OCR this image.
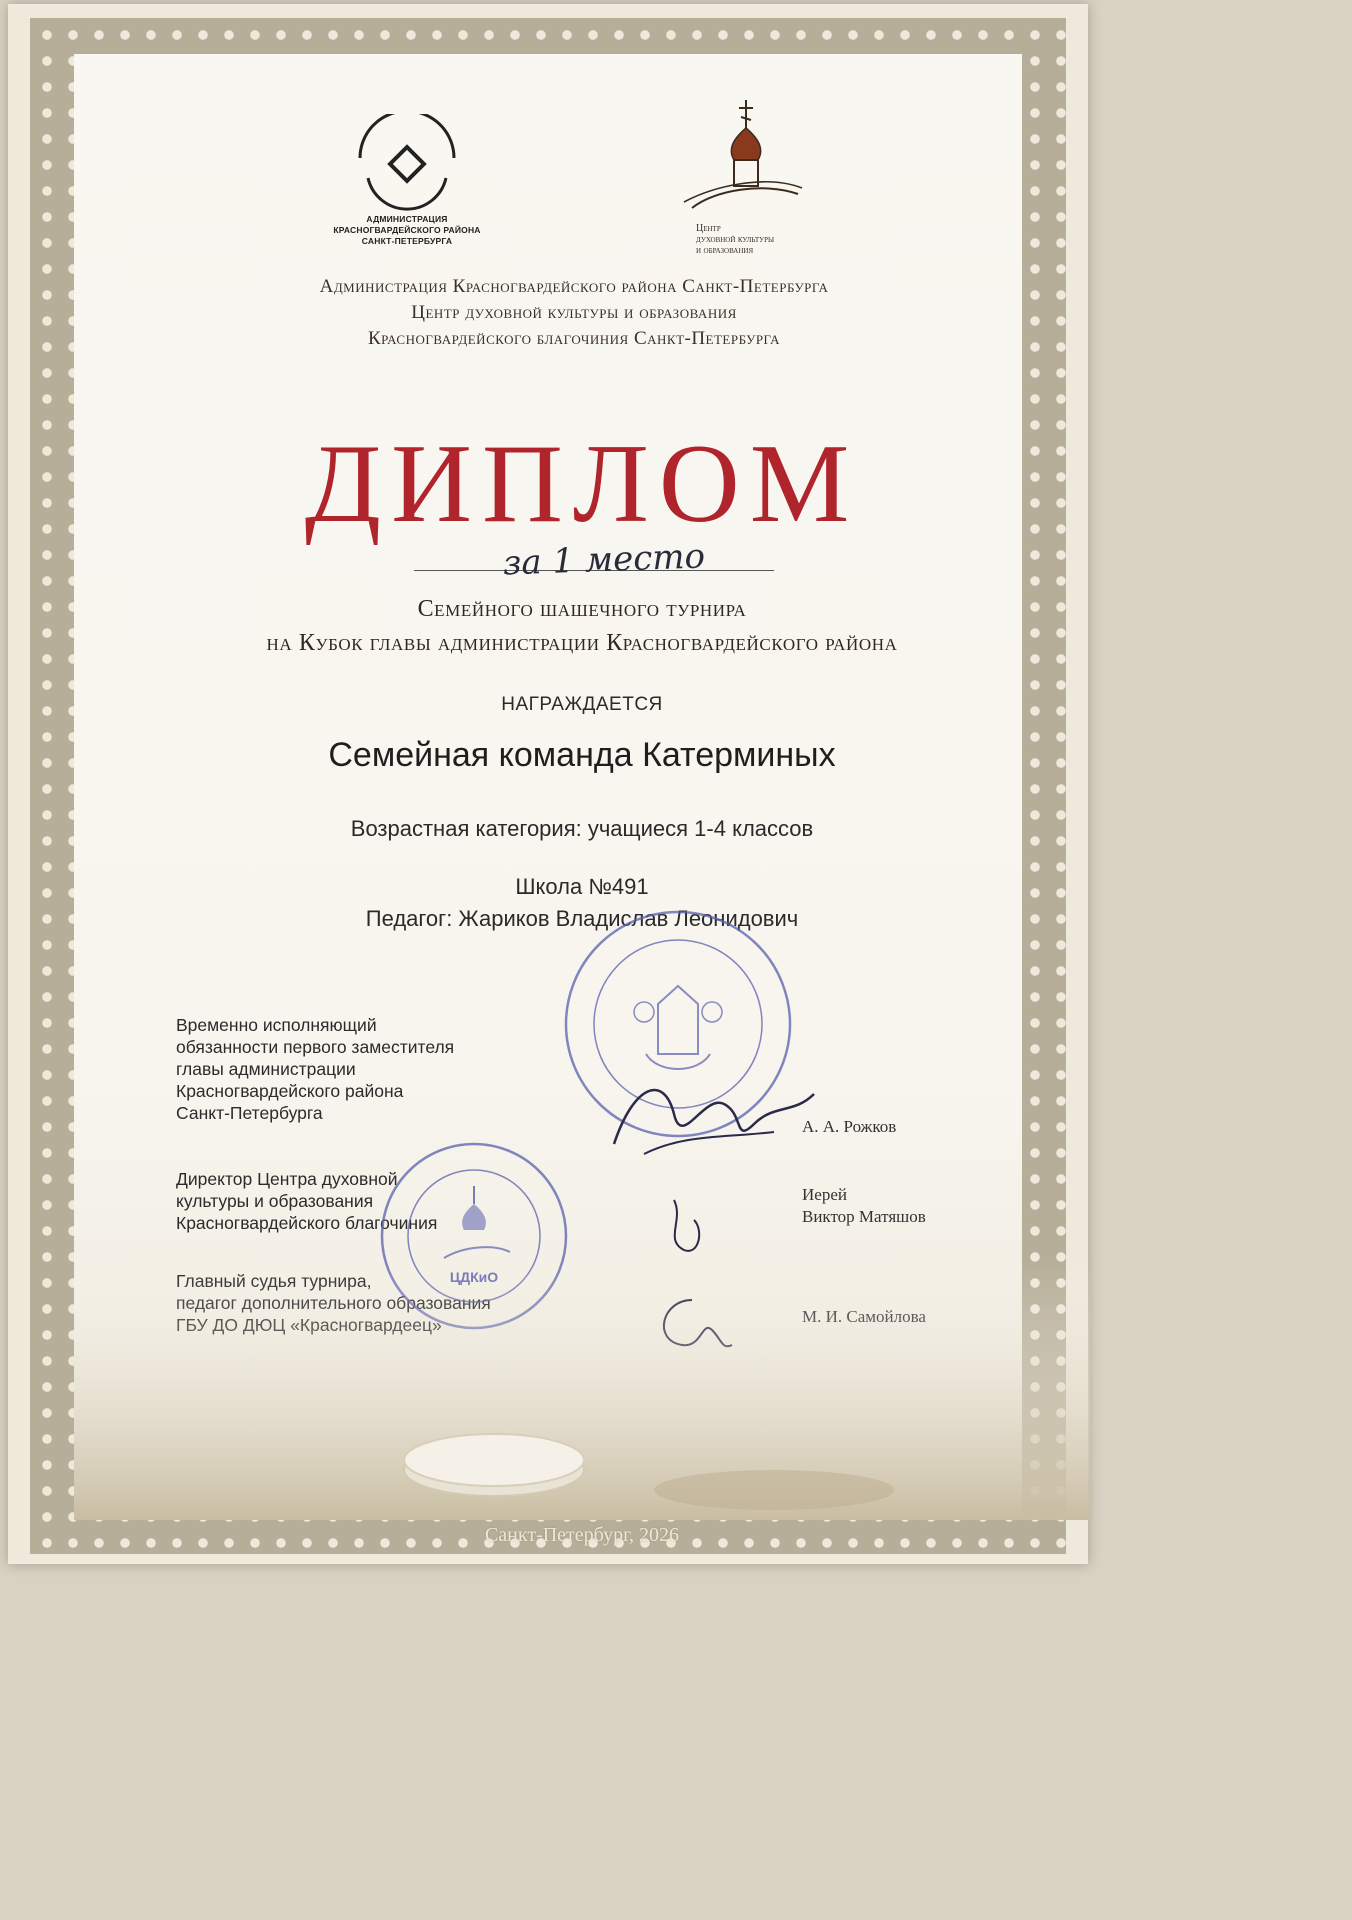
АДМИНИСТРАЦИЯ
КРАСНОГВАРДЕЙСКОГО РАЙОНА
САНКТ-ПЕТЕРБУРГА
Центр
духовной культуры
и образования
Администрация Красногвардейского района Санкт-Петербурга
Центр духовной культуры и образования
Красногвардейского благочиния Санкт-Петербурга
ДИПЛОМ
за 1 место
Семейного шашечного турнира
на Кубок главы администрации Красногвардейского района
НАГРАЖДАЕТСЯ
Семейная команда Катерминых
Возрастная категория: учащиеся 1-4 классов
Школа №491
Педагог: Жариков Владислав Леонидович
Временно исполняющий
обязанности первого заместителя
главы администрации
Красногвардейского района
Санкт-Петербурга
А. А. Рожков
Директор Центра духовной
культуры и образования
Красногвардейского благочиния
Иерей
Виктор Матяшов
Санкт-Петербург, 2026
